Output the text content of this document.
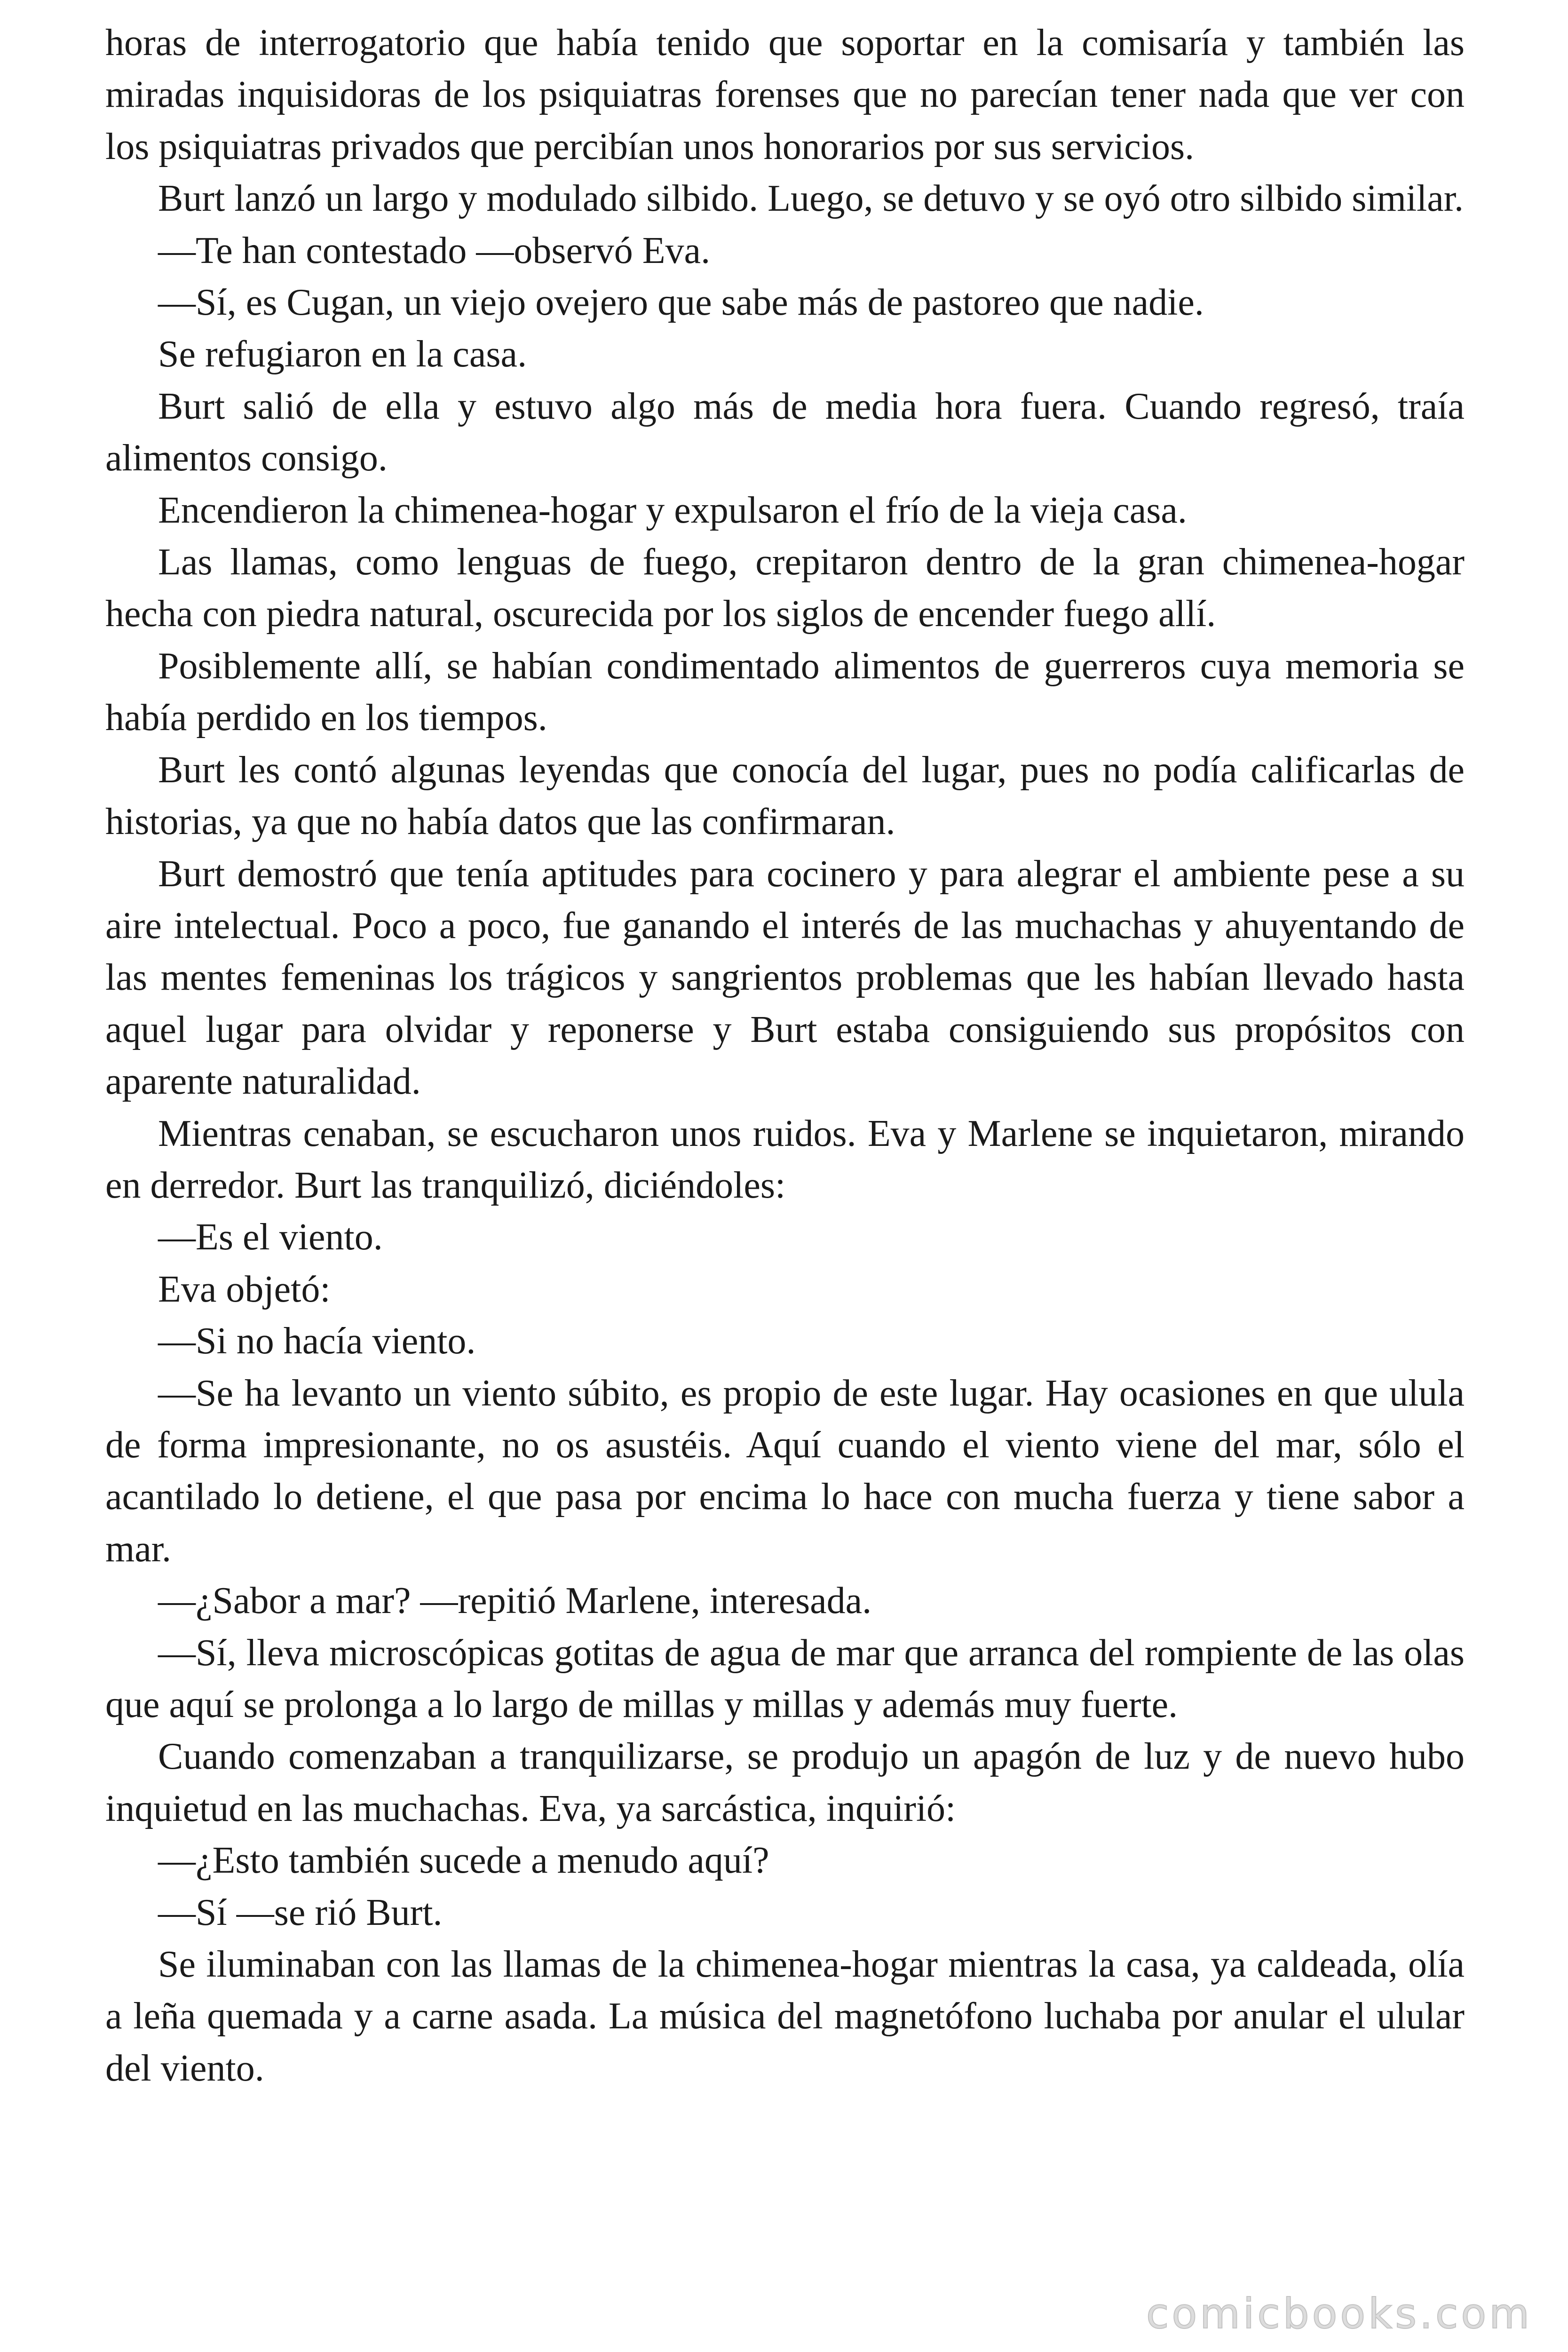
horas de interrogatorio que había tenido que soportar en la comisaría y también las miradas inquisidoras de los psiquiatras forenses que no parecían tener nada que ver con los psiquiatras privados que percibían unos honorarios por sus servicios.

Burt lanzó un largo y modulado silbido. Luego, se detuvo y se oyó otro silbido similar.

—Te han contestado —observó Eva.

—Sí, es Cugan, un viejo ovejero que sabe más de pastoreo que nadie.

Se refugiaron en la casa.

Burt salió de ella y estuvo algo más de media hora fuera. Cuando regresó, traía alimentos consigo.

Encendieron la chimenea-hogar y expulsaron el frío de la vieja casa.

Las llamas, como lenguas de fuego, crepitaron dentro de la gran chimenea-hogar hecha con piedra natural, oscurecida por los siglos de encender fuego allí.

Posiblemente allí, se habían condimentado alimentos de guerreros cuya memoria se había perdido en los tiempos.

Burt les contó algunas leyendas que conocía del lugar, pues no podía calificarlas de historias, ya que no había datos que las confirmaran.

Burt demostró que tenía aptitudes para cocinero y para alegrar el ambiente pese a su aire intelectual. Poco a poco, fue ganando el interés de las muchachas y ahuyentando de las mentes femeninas los trágicos y sangrientos problemas que les habían llevado hasta aquel lugar para olvidar y reponerse y Burt estaba consiguiendo sus propósitos con aparente naturalidad.

Mientras cenaban, se escucharon unos ruidos. Eva y Marlene se inquietaron, mirando en derredor. Burt las tranquilizó, diciéndoles:

—Es el viento.

Eva objetó:

—Si no hacía viento.

—Se ha levanto un viento súbito, es propio de este lugar. Hay ocasiones en que ulula de forma impresionante, no os asustéis. Aquí cuando el viento viene del mar, sólo el acantilado lo detiene, el que pasa por encima lo hace con mucha fuerza y tiene sabor a mar.

—¿Sabor a mar? —repitió Marlene, interesada.

—Sí, lleva microscópicas gotitas de agua de mar que arranca del rompiente de las olas que aquí se prolonga a lo largo de millas y millas y además muy fuerte.

Cuando comenzaban a tranquilizarse, se produjo un apagón de luz y de nuevo hubo inquietud en las muchachas. Eva, ya sarcástica, inquirió:

—¿Esto también sucede a menudo aquí?

—Sí —se rió Burt.

Se iluminaban con las llamas de la chimenea-hogar mientras la casa, ya caldeada, olía a leña quemada y a carne asada. La música del magnetófono luchaba por anular el ulular del viento.

comicbooks.com
